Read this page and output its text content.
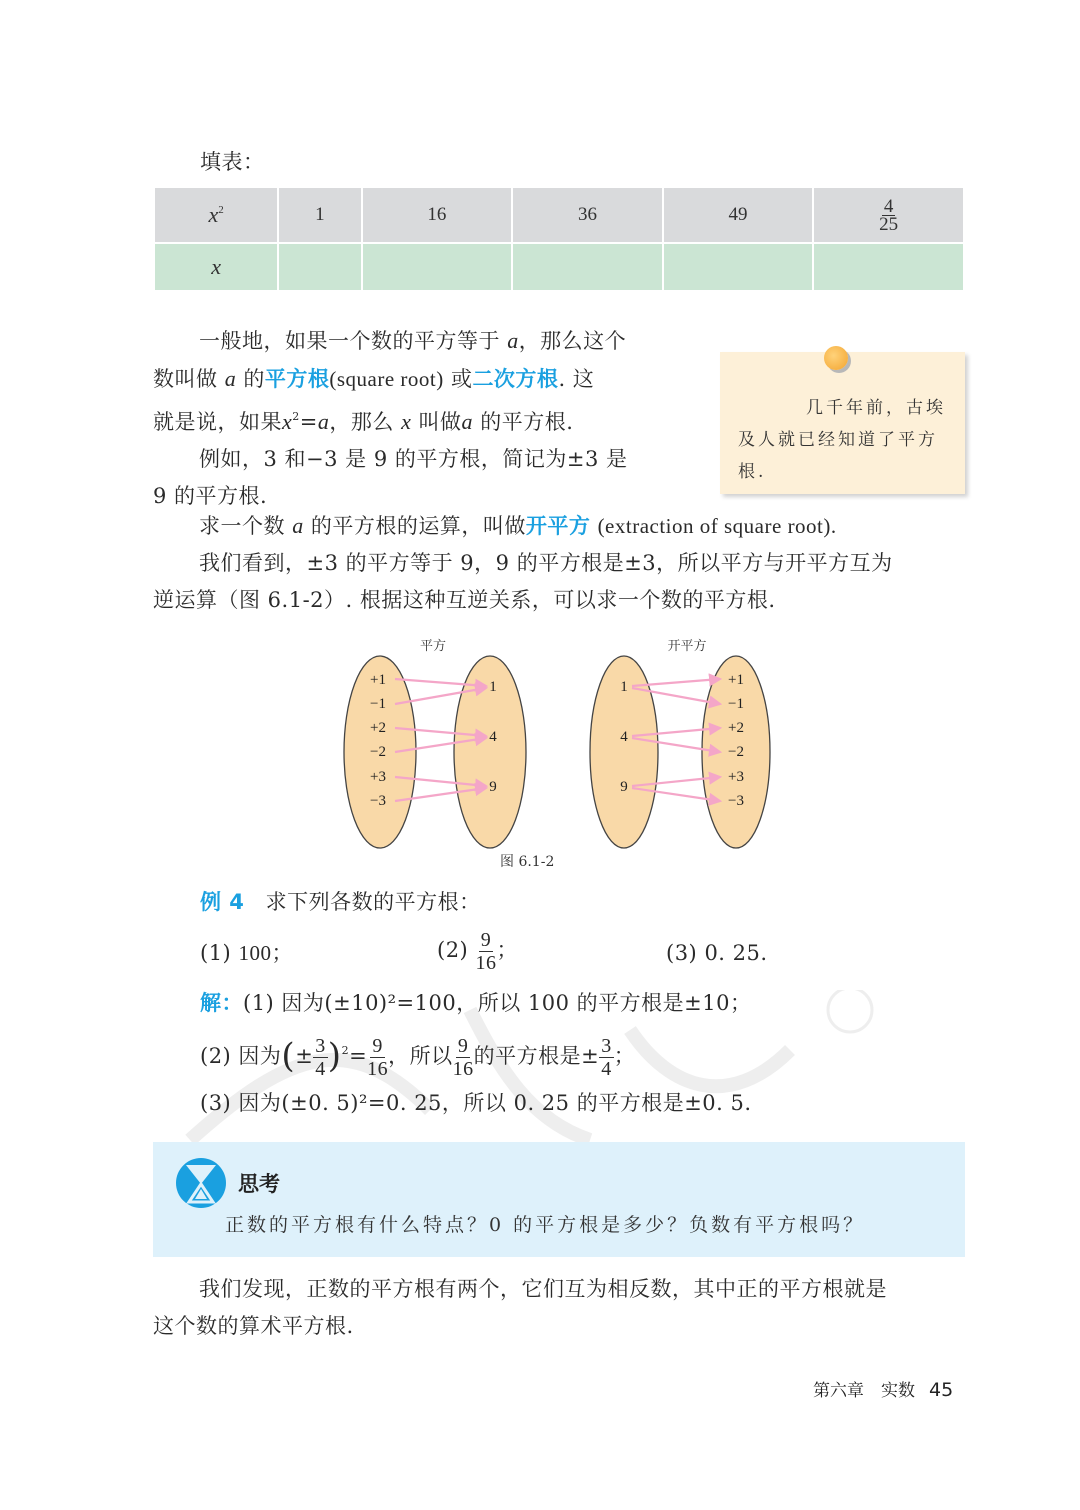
填表：
$x^2$	1	16	36	49	$\frac{4}{25}$

x					
一般地，如果一个数的平方等于 a，那么这个
数叫做 a 的平方根(square root) 或二次方根. 这
就是说，如果$x^2=a$，那么 x 叫做a 的平方根.
例如，3 和−3 是 9 的平方根，简记为±3 是
9 的平方根.
几千年前，古埃及人就已经知道了平方根.
求一个数 a 的平方根的运算，叫做开平方 (extraction of square root).
我们看到，±3 的平方等于 9，9 的平方根是±3，所以平方与开平方互为
逆运算（图 6.1-2）. 根据这种互逆关系，可以求一个数的平方根.
平方
+1
−1
+2
−2
+3
−3
1
4
9
开平方
1
4
9
+1
−1
+2
−2
+3
−3
图 6.1-2
例 4 求下列各数的平方根：
(1) 100；	$(2) \frac{9}{16}$ ；	(3) 0. 25.
解：(1) 因为(±10)²=100，所以 100 的平方根是±10；
(2) 因为(± $\frac{3}{4} )^2= \frac{9}{16}$ ，所以 $\frac{9}{16}$ 的平方根是± $\frac{3}{4}$ ；
(3) 因为(±0. 5)²=0. 25，所以 0. 25 的平方根是±0. 5.
思考
正数的平方根有什么特点？0 的平方根是多少？负数有平方根吗？
我们发现，正数的平方根有两个，它们互为相反数，其中正的平方根就是
这个数的算术平方根.
第六章　实数 45
